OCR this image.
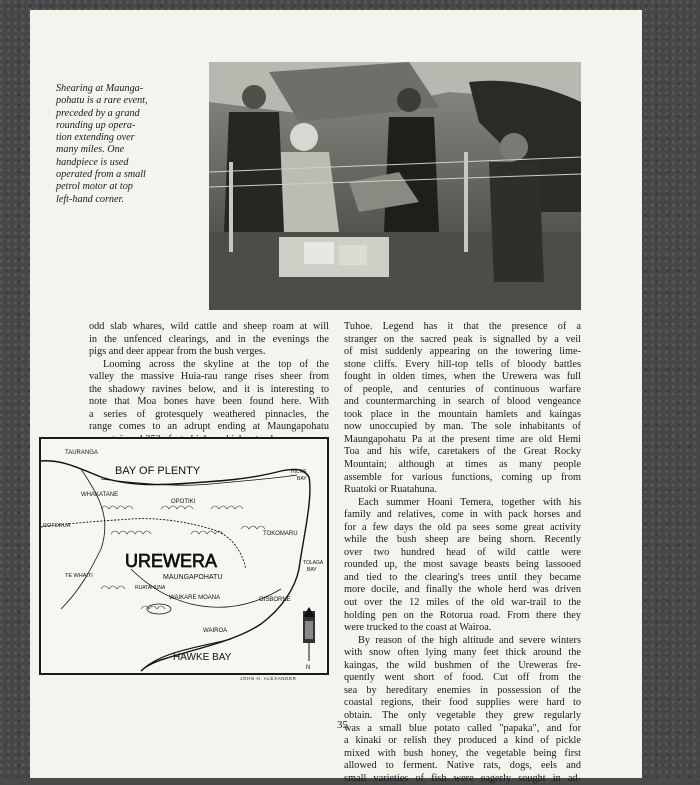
Shearing at Maunga-
pohatu is a rare event,
preceded by a grand
rounding up opera-
tion extending over
many miles. One
handpiece is used
operated from a small
petrol motor at top
left-hand corner.
odd slab whares, wild cattle and sheep roam at will
in the unfenced clearings, and in the evenings the
pigs and deer appear from the bush verges.
Looming across the skyline at the top of the
valley the massive Huia-rau range rises sheer from
the shadowy ravines below, and it is interesting to
note that Moa bones have been found here. With
a series of grotesquely weathered pinnacles, the
range comes to an adrupt ending at Maungapohatu
Tuhoe. Legend has it that the presence of a
stranger on the sacred peak is signalled by a veil
of mist suddenly appearing on the towering lime-
stone cliffs. Every hill-top tells of bloody battles
fought in olden times, when the Urewera was full
of people, and centuries of continuous warfare
and countermarching in search of blood vengeance
took place in the mountain hamlets and kaingas
now unoccupied by man. The sole inhabitants of
Maungapohatu Pa at the present time are old Hemi
Toa and his wife, caretakers of the Great Rocky
Mountain; although at times as many people
assemble for various functions, coming up from
Ruatoki or Ruatahuna.
Each summer Hoani Temera, together with his
family and relatives, come in with pack horses and
for a few days the old pa sees some great activity
while the bush sheep are being shorn. Recently
over two hundred head of wild cattle were
rounded up, the most savage beasts being lassooed
and tied to the clearing's trees until they became
more docile, and finally the whole herd was driven
out over the 12 miles of the old war-trail to the
holding pen on the Rotorua road. From there they
were trucked to the coast at Wairoa.
By reason of the high altitude and severe winters
with snow often lying many feet thick around the
kaingas, the wild bushmen of the Ureweras fre-
quently went short of food. Cut off from the
sea by hereditary enemies in possession of the
coastal regions, their food supplies were hard to
obtain. The only vegetable they grew regularly
was a small blue potato called "papaka", and for
a kinaki or relish they produced a kind of pickle
mixed with bush honey, the vegetable being first
allowed to ferment. Native rats, dogs, eels and
small varieties of fish were eagerly sought in ad-
TAURANGA
BAY OF PLENTY	HICKS
BAY
WHAKATANE
OPOTIKI
ROTORUA
TOKOMARU
UREWERA
TE WHAITI	MAUNGAPOHATU
RUATAHUNA
TOLAGA
BAY
WAIKARE MOANA	GISBORNE
WAIROA
HAWKE BAY
N
JOHN H. ALEXANDER
35
